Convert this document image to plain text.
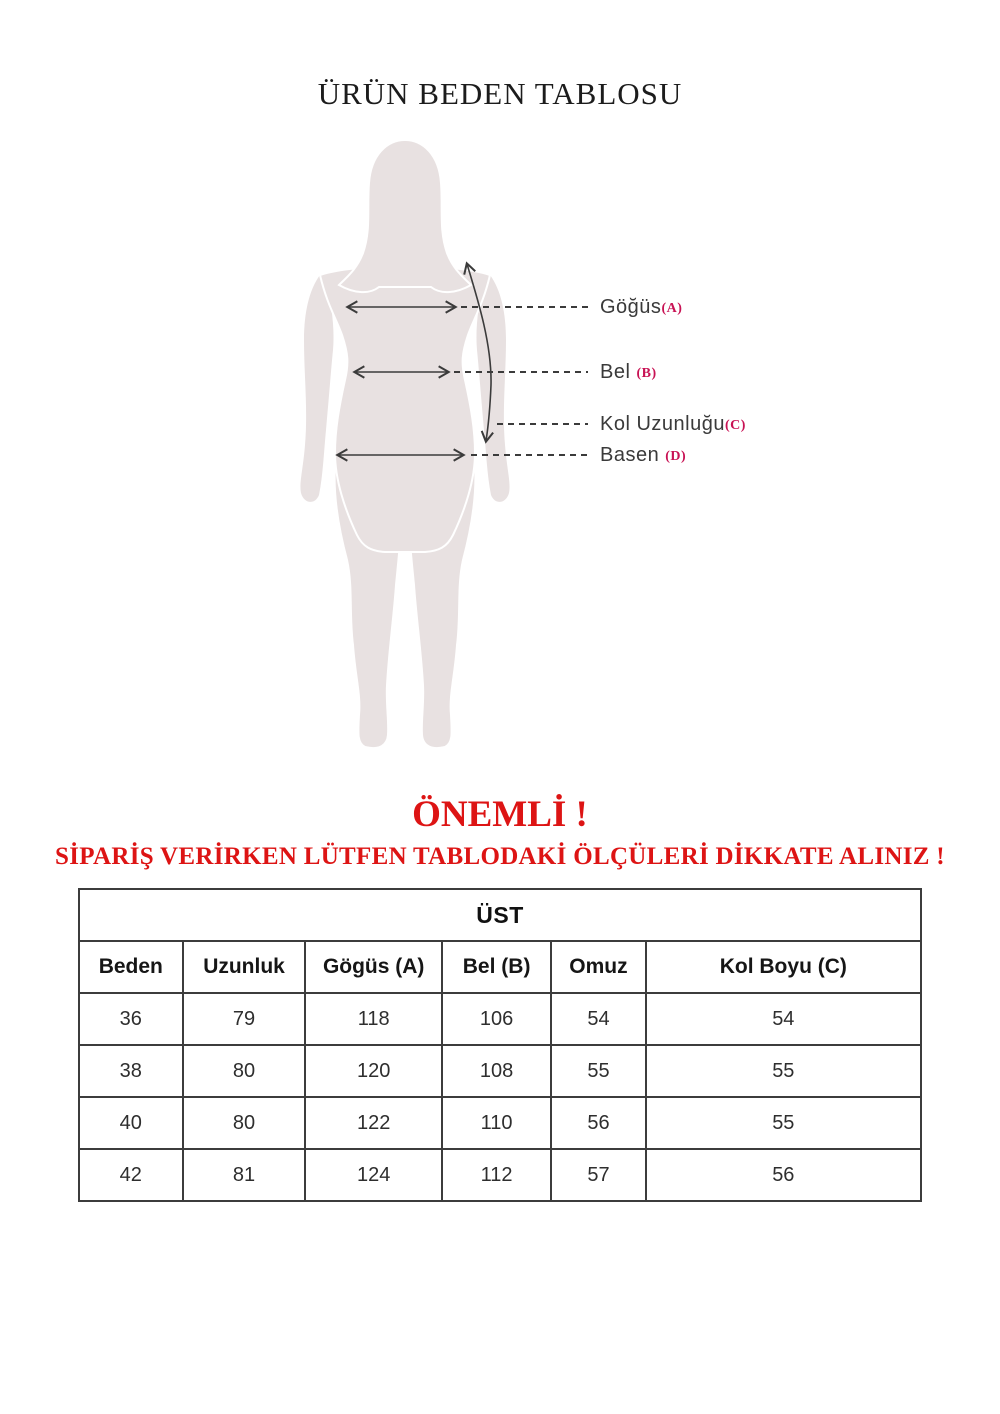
ÜRÜN BEDEN TABLOSU
Göğüs(A)
Bel (B)
Kol Uzunluğu(C)
Basen (D)
ÖNEMLİ !
SİPARİŞ VERİRKEN LÜTFEN TABLODAKİ ÖLÇÜLERİ DİKKATE ALINIZ !
ÜST					
Beden	Uzunluk	Gögüs (A)	Bel (B)	Omuz	Kol Boyu (C)
36	79	118	106	54	54
38	80	120	108	55	55
40	80	122	110	56	55
42	81	124	112	57	56
